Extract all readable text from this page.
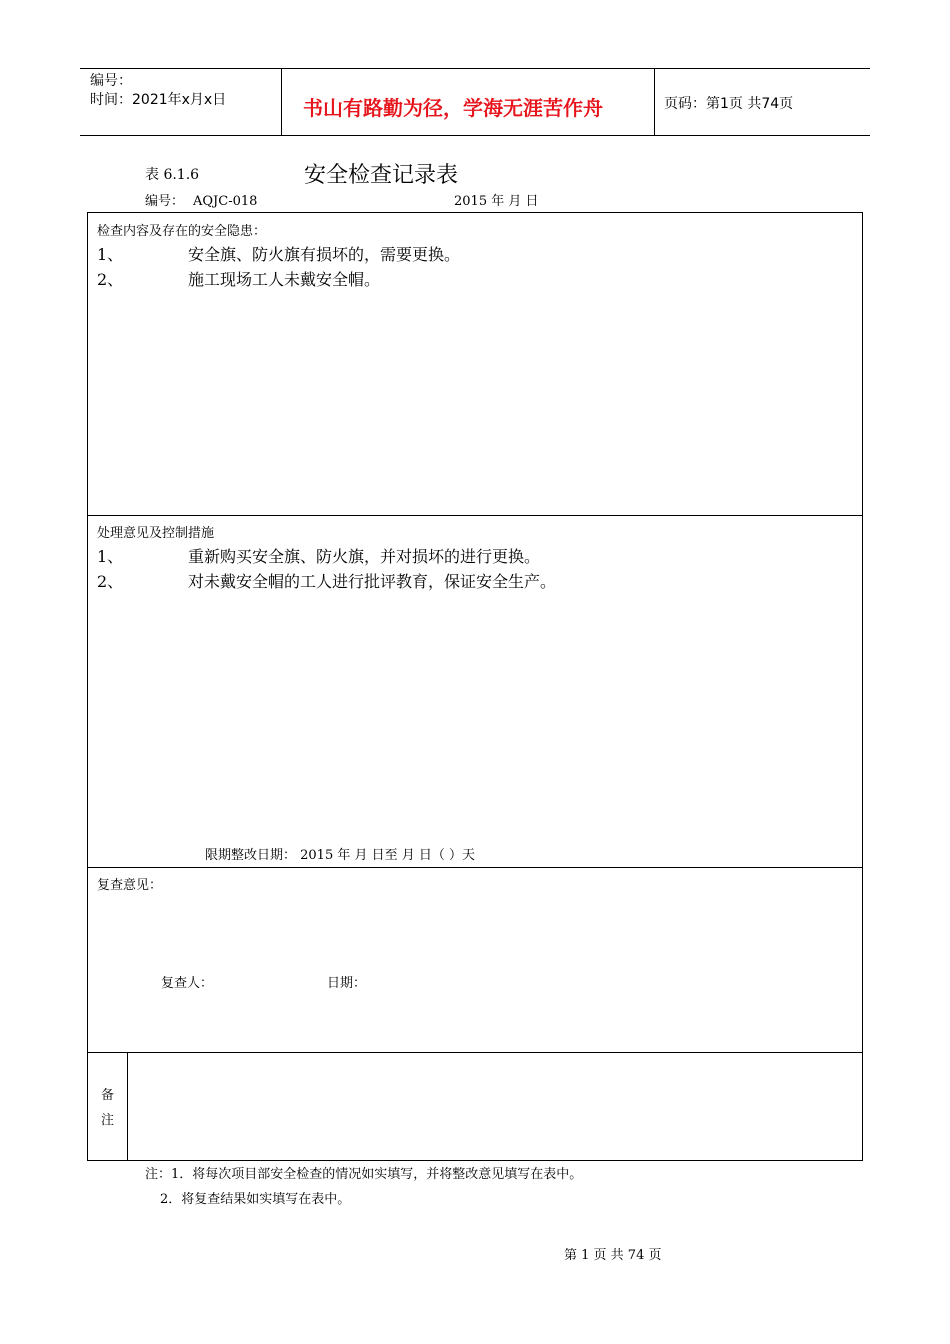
编号：
时间：2021年x月x日	书山有路勤为径，学海无涯苦作舟	页码：第1页 共74页
表 6.1.6	安全检查记录表
编号： AQJC-018	2015 年 月 日
检查内容及存在的安全隐患：
1、	安全旗、防火旗有损坏的，需要更换。
2、	施工现场工人未戴安全帽。
处理意见及控制措施
1、	重新购买安全旗、防火旗，并对损坏的进行更换。
2、	对未戴安全帽的工人进行批评教育，保证安全生产。
限期整改日期： 2015 年 月 日至 月 日（ ）天
复查意见：
复查人：	日期：
备
注
注：1．将每次项目部安全检查的情况如实填写，并将整改意见填写在表中。
2．将复查结果如实填写在表中。
第 1 页 共 74 页
